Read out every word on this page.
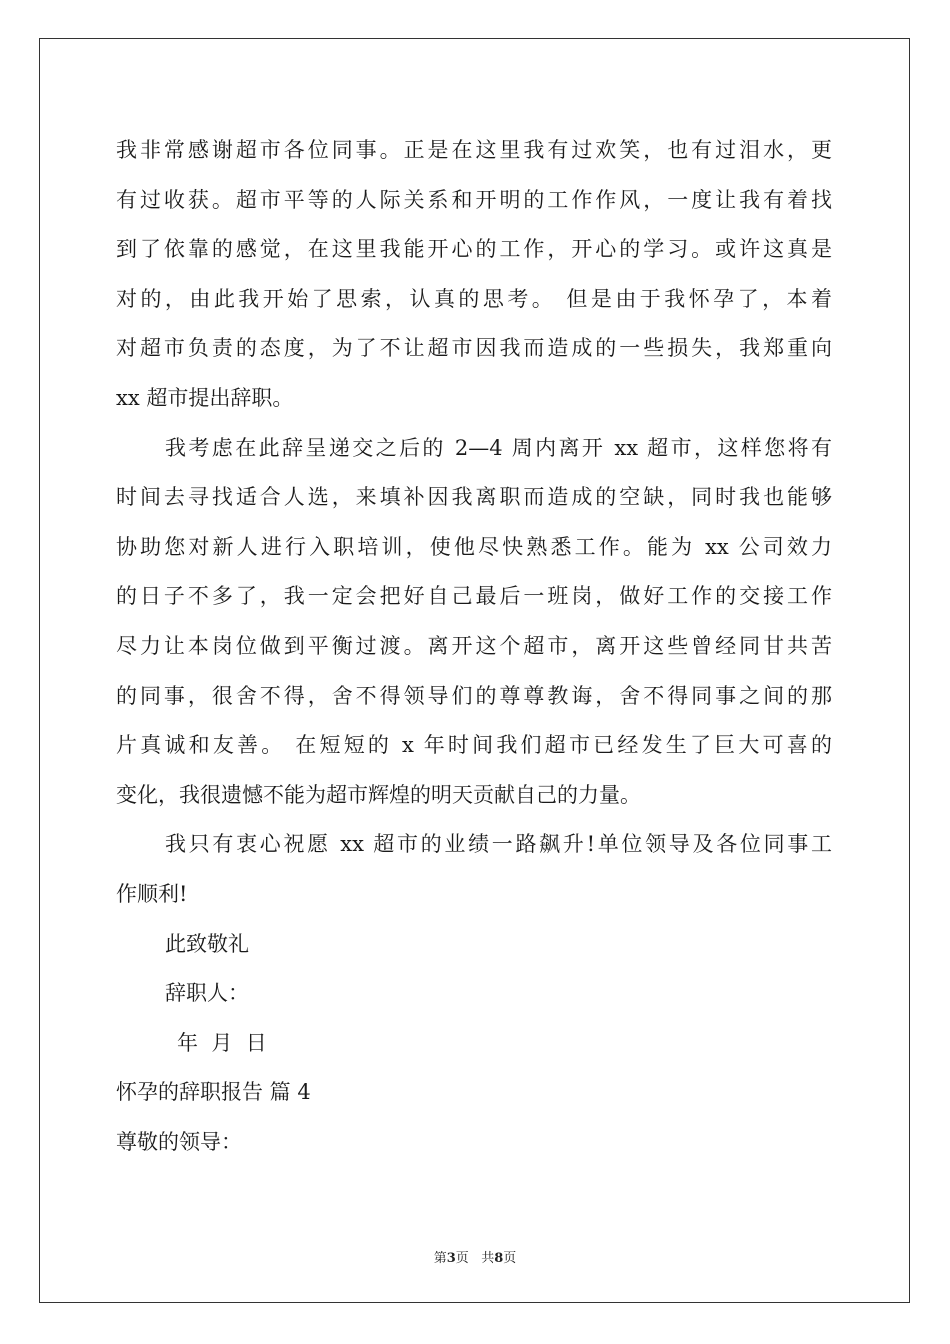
我非常感谢超市各位同事。正是在这里我有过欢笑，也有过泪水，更
有过收获。超市平等的人际关系和开明的工作作风，一度让我有着找
到了依靠的感觉，在这里我能开心的工作，开心的学习。或许这真是
对的，由此我开始了思索，认真的思考。 但是由于我怀孕了，本着
对超市负责的态度，为了不让超市因我而造成的一些损失，我郑重向
xx 超市提出辞职。
我考虑在此辞呈递交之后的 2—4 周内离开 xx 超市，这样您将有
时间去寻找适合人选，来填补因我离职而造成的空缺，同时我也能够
协助您对新人进行入职培训，使他尽快熟悉工作。能为 xx 公司效力
的日子不多了，我一定会把好自己最后一班岗，做好工作的交接工作
尽力让本岗位做到平衡过渡。离开这个超市，离开这些曾经同甘共苦
的同事，很舍不得，舍不得领导们的尊尊教诲，舍不得同事之间的那
片真诚和友善。 在短短的 x 年时间我们超市已经发生了巨大可喜的
变化，我很遗憾不能为超市辉煌的明天贡献自己的力量。
我只有衷心祝愿 xx 超市的业绩一路飙升!单位领导及各位同事工
作顺利!
此致敬礼
辞职人：
年  月  日
怀孕的辞职报告 篇 4
尊敬的领导：
第3页   共8页
